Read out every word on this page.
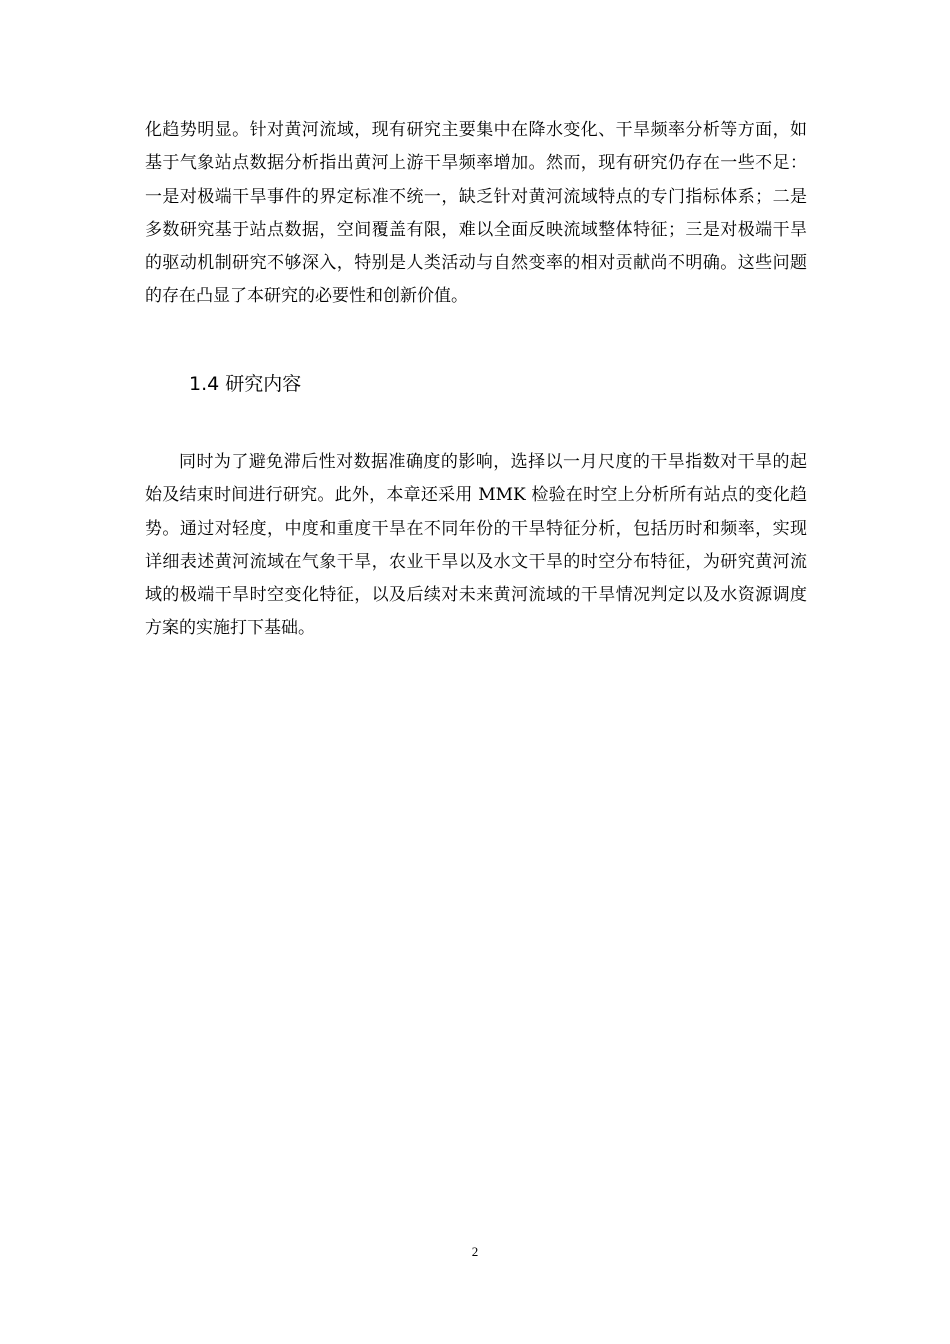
化趋势明显。针对黄河流域，现有研究主要集中在降水变化、干旱频率分析等方面，如基于气象站点数据分析指出黄河上游干旱频率增加。然而，现有研究仍存在一些不足：一是对极端干旱事件的界定标准不统一，缺乏针对黄河流域特点的专门指标体系；二是多数研究基于站点数据，空间覆盖有限，难以全面反映流域整体特征；三是对极端干旱的驱动机制研究不够深入，特别是人类活动与自然变率的相对贡献尚不明确。这些问题的存在凸显了本研究的必要性和创新价值。

1.4 研究内容

同时为了避免滞后性对数据准确度的影响，选择以一月尺度的干旱指数对干旱的起始及结束时间进行研究。此外，本章还采用 MMK 检验在时空上分析所有站点的变化趋势。通过对轻度，中度和重度干旱在不同年份的干旱特征分析，包括历时和频率，实现详细表述黄河流域在气象干旱，农业干旱以及水文干旱的时空分布特征，为研究黄河流域的极端干旱时空变化特征，以及后续对未来黄河流域的干旱情况判定以及水资源调度方案的实施打下基础。

2
